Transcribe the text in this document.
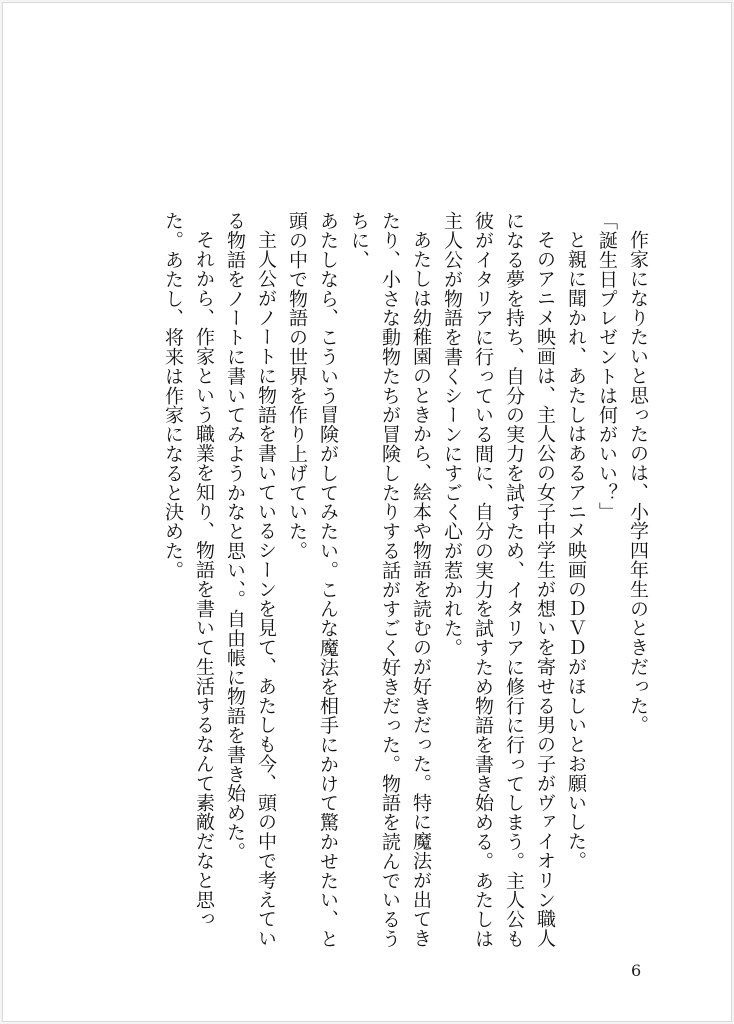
作家になりたいと思ったのは、小学四年生のときだった。

「誕生日プレゼントは何がいい？」

と親に聞かれ、あたしはあるアニメ映画のＤＶＤがほしいとお願いした。

そのアニメ映画は、主人公の女子中学生が想いを寄せる男の子がヴァイオリン職人になる夢を持ち、自分の実力を試すため、イタリアに修行に行ってしまう。主人公も彼がイタリアに行っている間に、自分の実力を試すため物語を書き始める。あたしは主人公が物語を書くシーンにすごく心が惹かれた。

あたしは幼稚園のときから、絵本や物語を読むのが好きだった。特に魔法が出てきたり、小さな動物たちが冒険したりする話がすごく好きだった。物語を読んでいるうちに、

あたしなら、こういう冒険がしてみたい。こんな魔法を相手にかけて驚かせたい、と頭の中で物語の世界を作り上げていた。

主人公がノートに物語を書いているシーンを見て、あたしも今、頭の中で考えている物語をノートに書いてみようかなと思い、。自由帳に物語を書き始めた。

それから、作家という職業を知り、物語を書いて生活するなんて素敵だなと思った。あたし、将来は作家になると決めた。

6
